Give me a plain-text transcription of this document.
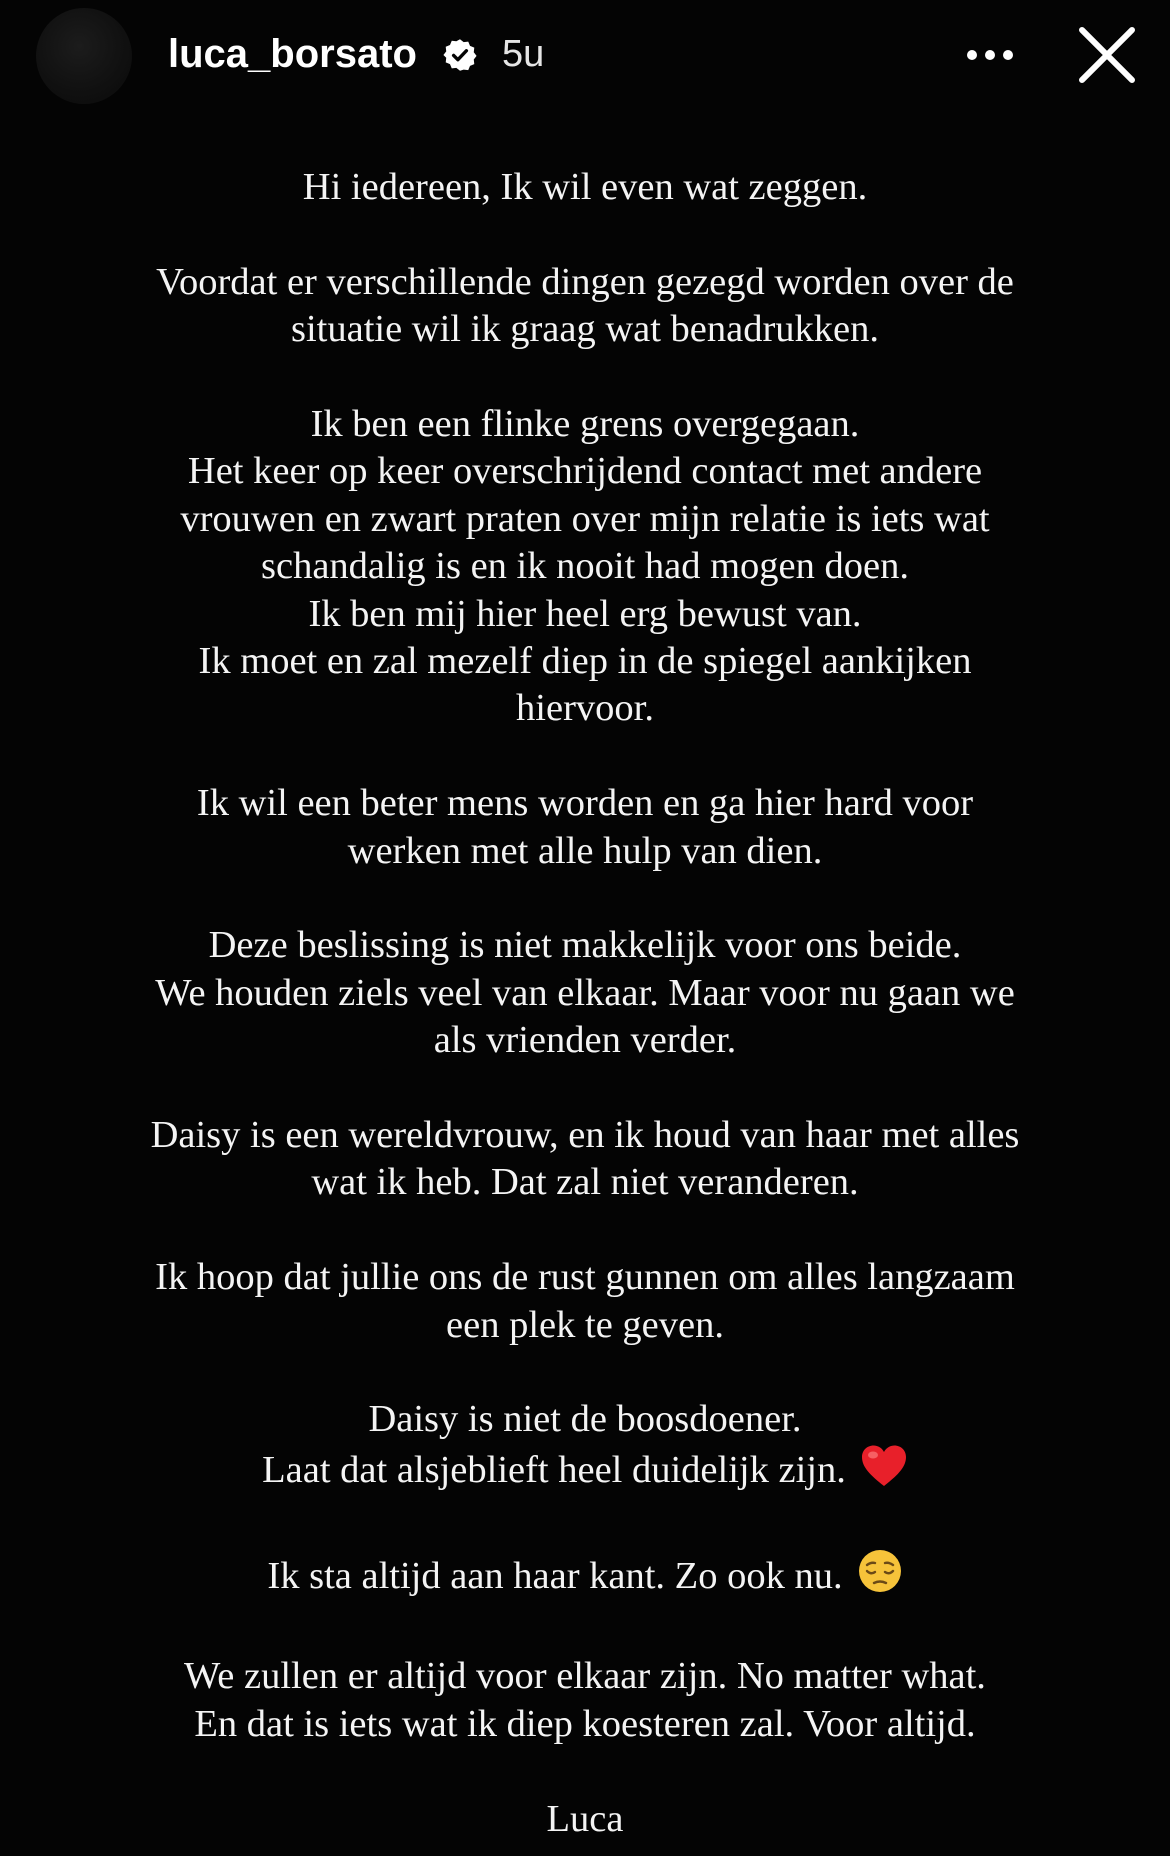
luca_borsato 5u

Hi iedereen, Ik wil even wat zeggen.

Voordat er verschillende dingen gezegd worden over de
situatie wil ik graag wat benadrukken.

Ik ben een flinke grens overgegaan.
Het keer op keer overschrijdend contact met andere
vrouwen en zwart praten over mijn relatie is iets wat
schandalig is en ik nooit had mogen doen.
Ik ben mij hier heel erg bewust van.
Ik moet en zal mezelf diep in de spiegel aankijken
hiervoor.

Ik wil een beter mens worden en ga hier hard voor
werken met alle hulp van dien.

Deze beslissing is niet makkelijk voor ons beide.
We houden ziels veel van elkaar. Maar voor nu gaan we
als vrienden verder.

Daisy is een wereldvrouw, en ik houd van haar met alles
wat ik heb. Dat zal niet veranderen.

Ik hoop dat jullie ons de rust gunnen om alles langzaam
een plek te geven.

Daisy is niet de boosdoener.
Laat dat alsjeblieft heel duidelijk zijn.

Ik sta altijd aan haar kant. Zo ook nu.

We zullen er altijd voor elkaar zijn. No matter what.
En dat is iets wat ik diep koesteren zal. Voor altijd.

Luca
